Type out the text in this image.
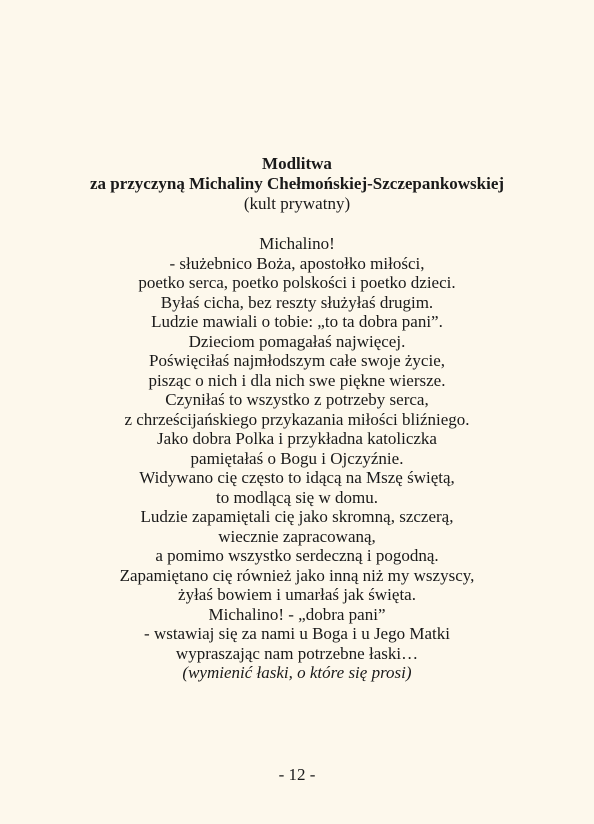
Modlitwa

za przyczyną Michaliny Chełmońskiej-Szczepankowskiej

(kult prywatny)

Michalino!
- służebnico Boża, apostołko miłości,
poetko serca, poetko polskości i poetko dzieci.
Byłaś cicha, bez reszty służyłaś drugim.
Ludzie mawiali o tobie: „to ta dobra pani”.
Dzieciom pomagałaś najwięcej.
Poświęciłaś najmłodszym całe swoje życie,
pisząc o nich i dla nich swe piękne wiersze.
Czyniłaś to wszystko z potrzeby serca,
z chrześcijańskiego przykazania miłości bliźniego.
Jako dobra Polka i przykładna katoliczka
pamiętałaś o Bogu i Ojczyźnie.
Widywano cię często to idącą na Mszę świętą,
to modlącą się w domu.
Ludzie zapamiętali cię jako skromną, szczerą,
wiecznie zapracowaną,
a pomimo wszystko serdeczną i pogodną.
Zapamiętano cię również jako inną niż my wszyscy,
żyłaś bowiem i umarłaś jak święta.
Michalino! - „dobra pani”
- wstawiaj się za nami u Boga i u Jego Matki
wypraszając nam potrzebne łaski…
(wymienić łaski, o które się prosi)
- 12 -
